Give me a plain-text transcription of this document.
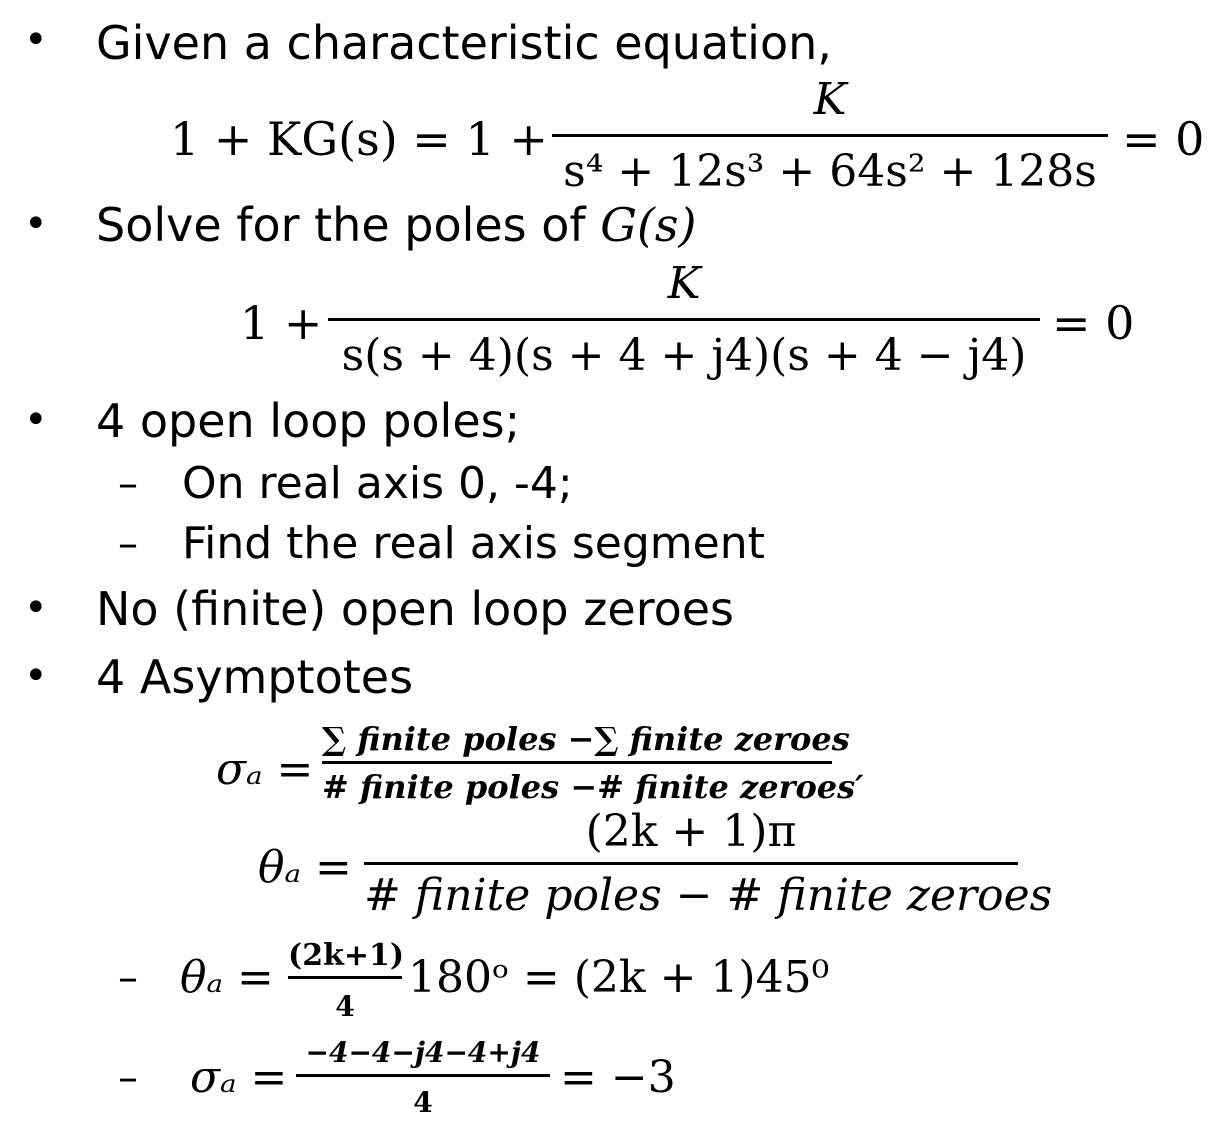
• Given a characteristic equation,
1 + KG(s) = 1 +
K
s⁴ + 12s³ + 64s² + 128s
= 0
• Solve for the poles of G(s)
1 +
K
s(s + 4)(s + 4 + j4)(s + 4 − j4)
= 0
• 4 open loop poles;
– On real axis 0, -4;
– Find the real axis segment
• No (finite) open loop zeroes
• 4 Asymptotes
σₐ =
∑ finite poles −∑ finite zeroes
# finite poles −# finite zeroes′
θₐ =
(2k + 1)π
# finite poles − # finite zeroes
– θₐ = (2k+1)
4
180ᵒ = (2k + 1)45⁰
– σₐ = −4−4−j4−4+j4
4	= −3
